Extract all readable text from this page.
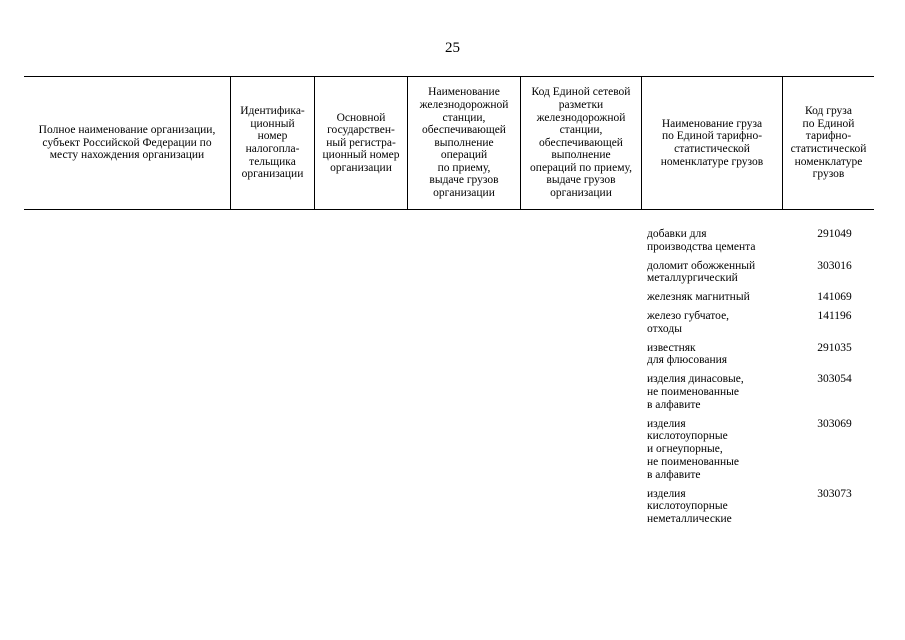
25
Полное наименование организации,
субъект Российской Федерации по
месту нахождения организации
Идентифика-
ционный
номер
налогопла-
тельщика
организации
Основной
государствен-
ный регистра-
ционный номер
организации
Наименование
железнодорожной
станции,
обеспечивающей
выполнение
операций
по приему,
выдаче грузов
организации
Код Единой сетевой
разметки
железнодорожной
станции,
обеспечивающей
выполнение
операций по приему,
выдаче грузов
организации
Наименование груза
по Единой тарифно-
статистической
номенклатуре грузов
Код груза
по Единой
тарифно-
статистической
номенклатуре
грузов
добавки для
производства цемента
291049
доломит обожженный
металлургический
303016
железняк магнитный	141069
железо губчатое,
отходы
141196
известняк
для флюсования
291035
изделия динасовые,
не поименованные
в алфавите
303054
изделия
кислотоупорные
и огнеупорные,
не поименованные
в алфавите
303069
изделия
кислотоупорные
неметаллические
303073
